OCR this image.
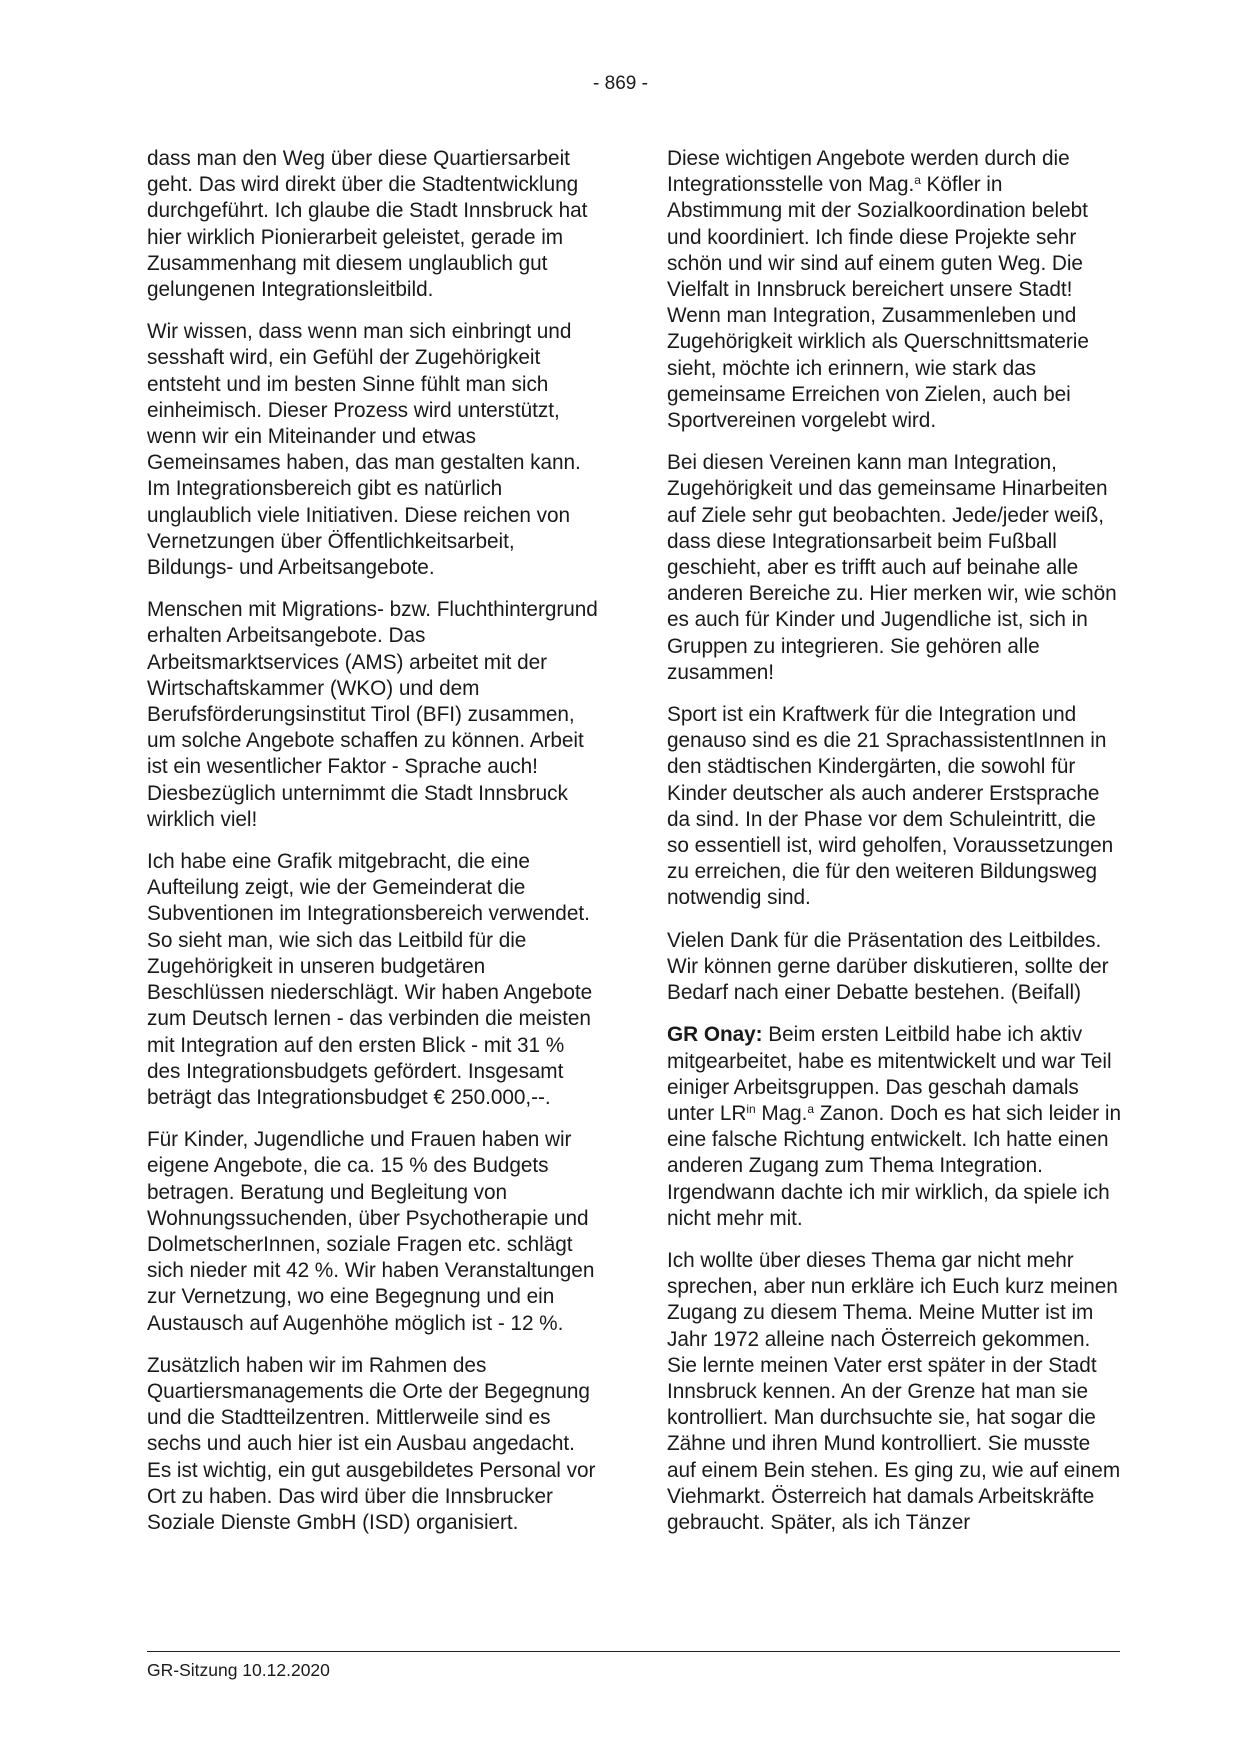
- 869 -

dass man den Weg über diese Quartiersarbeit geht. Das wird direkt über die Stadtentwicklung durchgeführt. Ich glaube die Stadt Innsbruck hat hier wirklich Pionierarbeit geleistet, gerade im Zusammenhang mit diesem unglaublich gut gelungenen Integrationsleitbild.

Wir wissen, dass wenn man sich einbringt und sesshaft wird, ein Gefühl der Zugehörigkeit entsteht und im besten Sinne fühlt man sich einheimisch. Dieser Prozess wird unterstützt, wenn wir ein Miteinander und etwas Gemeinsames haben, das man gestalten kann. Im Integrationsbereich gibt es natürlich unglaublich viele Initiativen. Diese reichen von Vernetzungen über Öffentlichkeitsarbeit, Bildungs- und Arbeitsangebote.

Menschen mit Migrations- bzw. Fluchthintergrund erhalten Arbeitsangebote. Das Arbeitsmarktservices (AMS) arbeitet mit der Wirtschaftskammer (WKO) und dem Berufsförderungsinstitut Tirol (BFI) zusammen, um solche Angebote schaffen zu können. Arbeit ist ein wesentlicher Faktor - Sprache auch! Diesbezüglich unternimmt die Stadt Innsbruck wirklich viel!

Ich habe eine Grafik mitgebracht, die eine Aufteilung zeigt, wie der Gemeinderat die Subventionen im Integrationsbereich verwendet. So sieht man, wie sich das Leitbild für die Zugehörigkeit in unseren budgetären Beschlüssen niederschlägt. Wir haben Angebote zum Deutsch lernen - das verbinden die meisten mit Integration auf den ersten Blick - mit 31 % des Integrationsbudgets gefördert. Insgesamt beträgt das Integrationsbudget € 250.000,--.

Für Kinder, Jugendliche und Frauen haben wir eigene Angebote, die ca. 15 % des Budgets betragen. Beratung und Begleitung von Wohnungssuchenden, über Psychotherapie und DolmetscherInnen, soziale Fragen etc. schlägt sich nieder mit 42 %. Wir haben Veranstaltungen zur Vernetzung, wo eine Begegnung und ein Austausch auf Augenhöhe möglich ist - 12 %.

Zusätzlich haben wir im Rahmen des Quartiersmanagements die Orte der Begegnung und die Stadtteilzentren. Mittlerweile sind es sechs und auch hier ist ein Ausbau angedacht. Es ist wichtig, ein gut ausgebildetes Personal vor Ort zu haben. Das wird über die Innsbrucker Soziale Dienste GmbH (ISD) organisiert.

Diese wichtigen Angebote werden durch die Integrationsstelle von Mag.$^a$ Köfler in Abstimmung mit der Sozialkoordination belebt und koordiniert. Ich finde diese Projekte sehr schön und wir sind auf einem guten Weg. Die Vielfalt in Innsbruck bereichert unsere Stadt! Wenn man Integration, Zusammenleben und Zugehörigkeit wirklich als Querschnittsmaterie sieht, möchte ich erinnern, wie stark das gemeinsame Erreichen von Zielen, auch bei Sportvereinen vorgelebt wird.

Bei diesen Vereinen kann man Integration, Zugehörigkeit und das gemeinsame Hinarbeiten auf Ziele sehr gut beobachten. Jede/jeder weiß, dass diese Integrationsarbeit beim Fußball geschieht, aber es trifft auch auf beinahe alle anderen Bereiche zu. Hier merken wir, wie schön es auch für Kinder und Jugendliche ist, sich in Gruppen zu integrieren. Sie gehören alle zusammen!

Sport ist ein Kraftwerk für die Integration und genauso sind es die 21 SprachassistentInnen in den städtischen Kindergärten, die sowohl für Kinder deutscher als auch anderer Erstsprache da sind. In der Phase vor dem Schuleintritt, die so essentiell ist, wird geholfen, Voraussetzungen zu erreichen, die für den weiteren Bildungsweg notwendig sind.

Vielen Dank für die Präsentation des Leitbildes. Wir können gerne darüber diskutieren, sollte der Bedarf nach einer Debatte bestehen. (Beifall)

GR Onay: Beim ersten Leitbild habe ich aktiv mitgearbeitet, habe es mitentwickelt und war Teil einiger Arbeitsgruppen. Das geschah damals unter $LR^{in}$ Mag.$^a$ Zanon. Doch es hat sich leider in eine falsche Richtung entwickelt. Ich hatte einen anderen Zugang zum Thema Integration. Irgendwann dachte ich mir wirklich, da spiele ich nicht mehr mit.

Ich wollte über dieses Thema gar nicht mehr sprechen, aber nun erkläre ich Euch kurz meinen Zugang zu diesem Thema. Meine Mutter ist im Jahr 1972 alleine nach Österreich gekommen. Sie lernte meinen Vater erst später in der Stadt Innsbruck kennen. An der Grenze hat man sie kontrolliert. Man durchsuchte sie, hat sogar die Zähne und ihren Mund kontrolliert. Sie musste auf einem Bein stehen. Es ging zu, wie auf einem Viehmarkt. Österreich hat damals Arbeitskräfte gebraucht. Später, als ich Tänzer

GR-Sitzung 10.12.2020
